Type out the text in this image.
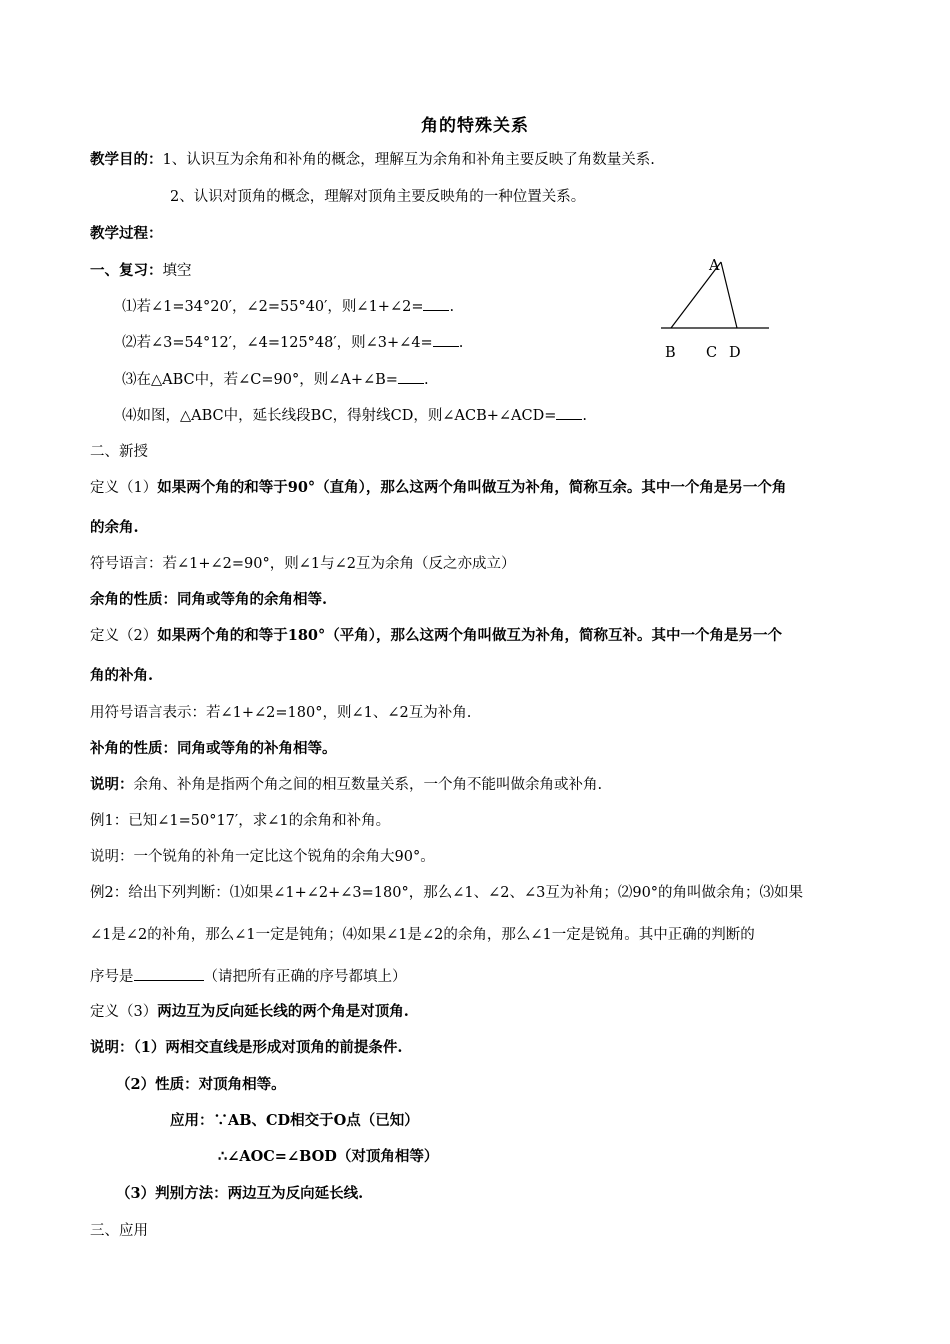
角的特殊关系
教学目的：1、认识互为余角和补角的概念，理解互为余角和补角主要反映了角数量关系.
2、认识对顶角的概念，理解对顶角主要反映角的一种位置关系。
教学过程：
一、复习：填空
⑴若∠1=34°20′，∠2=55°40′，则∠1+∠2= .
⑵若∠3=54°12′，∠4=125°48′，则∠3+∠4= .
⑶在△ABC中，若∠C=90°，则∠A+∠B= .
⑷如图，△ABC中，延长线段BC，得射线CD，则∠ACB+∠ACD= .
A
B C D
二、新授
定义（1）如果两个角的和等于90°（直角），那么这两个角叫做互为补角，简称互余。其中一个角是另一个角
的余角.
符号语言：若∠1+∠2=90°，则∠1与∠2互为余角（反之亦成立）
余角的性质：同角或等角的余角相等.
定义（2）如果两个角的和等于180°（平角），那么这两个角叫做互为补角，简称互补。其中一个角是另一个
角的补角.
用符号语言表示：若∠1+∠2=180°，则∠1、∠2互为补角.
补角的性质：同角或等角的补角相等。
说明：余角、补角是指两个角之间的相互数量关系，一个角不能叫做余角或补角.
例1：已知∠1=50°17′，求∠1的余角和补角。
说明：一个锐角的补角一定比这个锐角的余角大90°。
例2：给出下列判断：⑴如果∠1+∠2+∠3=180°，那么∠1、∠2、∠3互为补角；⑵90°的角叫做余角；⑶如果
∠1是∠2的补角，那么∠1一定是钝角；⑷如果∠1是∠2的余角，那么∠1一定是锐角。其中正确的判断的
序号是	（请把所有正确的序号都填上）
定义（3）两边互为反向延长线的两个角是对顶角.
说明：（1）两相交直线是形成对顶角的前提条件.
（2）性质：对顶角相等。
应用：∵AB、CD相交于O点（已知）
∴∠AOC=∠BOD（对顶角相等）
（3）判别方法：两边互为反向延长线.
三、应用
